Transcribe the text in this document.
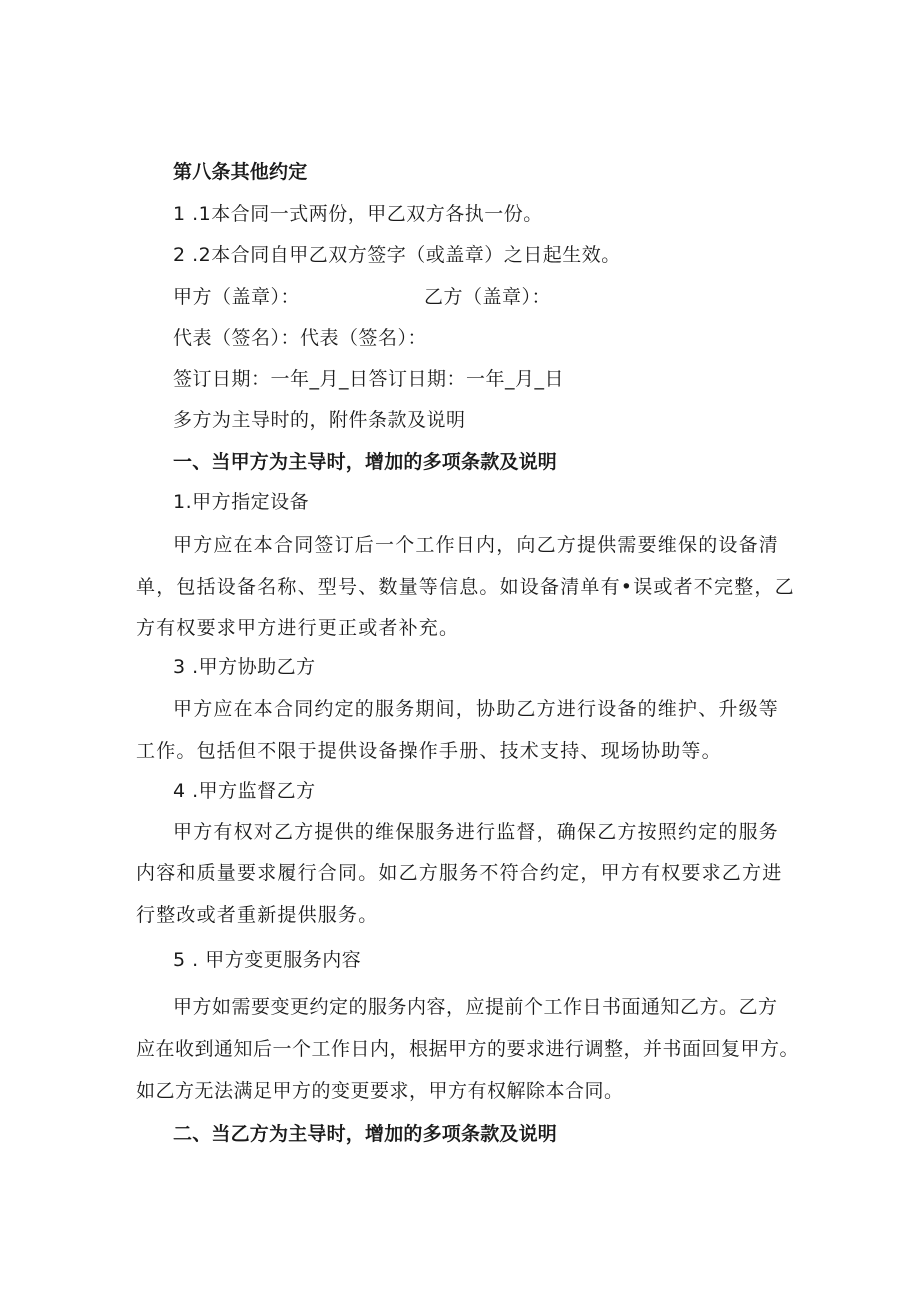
第八条其他约定
1 .1本合同一式两份，甲乙双方各执一份。
2 .2本合同自甲乙双方签字（或盖章）之日起生效。
甲方（盖章）：	乙方（盖章）：
代表（签名）：代表（签名）：
签订日期：一年_月_日答订日期：一年_月_日
多方为主导时的，附件条款及说明
一、当甲方为主导时，增加的多项条款及说明
1.甲方指定设备
甲方应在本合同签订后一个工作日内，向乙方提供需要维保的设备清
单，包括设备名称、型号、数量等信息。如设备清单有•误或者不完整，乙
方有权要求甲方进行更正或者补充。
3 .甲方协助乙方
甲方应在本合同约定的服务期间，协助乙方进行设备的维护、升级等
工作。包括但不限于提供设备操作手册、技术支持、现场协助等。
4 .甲方监督乙方
甲方有权对乙方提供的维保服务进行监督，确保乙方按照约定的服务
内容和质量要求履行合同。如乙方服务不符合约定，甲方有权要求乙方进
行整改或者重新提供服务。
5 . 甲方变更服务内容
甲方如需要变更约定的服务内容，应提前个工作日书面通知乙方。乙方
应在收到通知后一个工作日内，根据甲方的要求进行调整，并书面回复甲方。
如乙方无法满足甲方的变更要求，甲方有权解除本合同。
二、当乙方为主导时，增加的多项条款及说明
